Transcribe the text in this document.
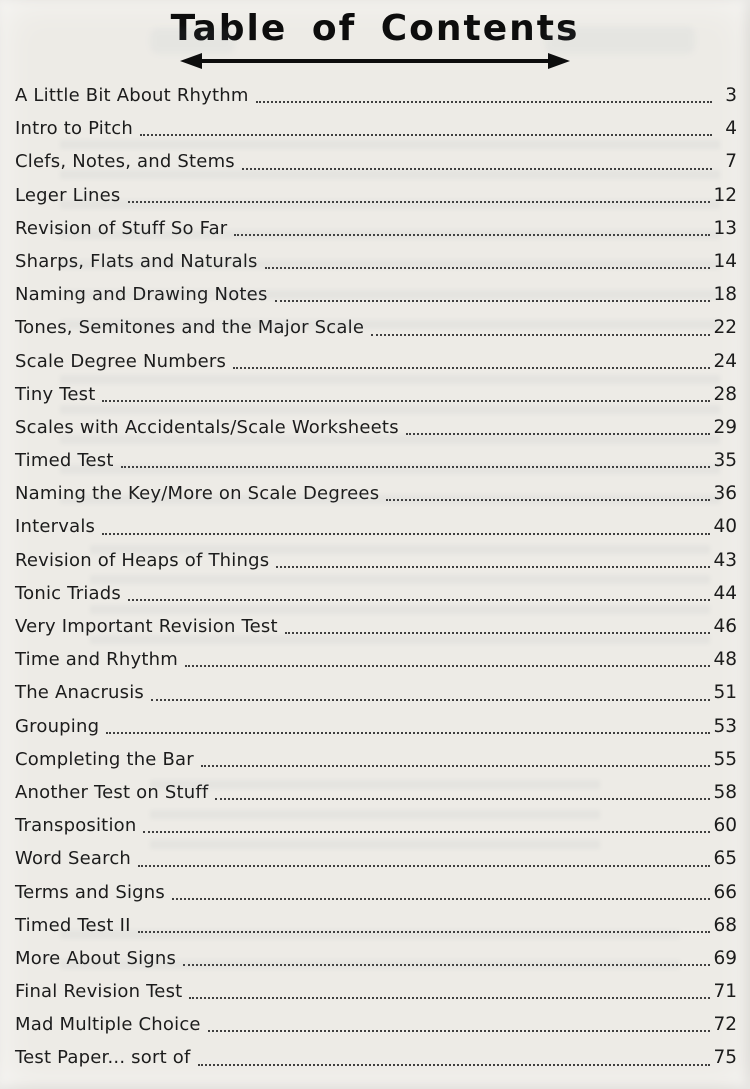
Table of Contents
A Little Bit About Rhythm	3
Intro to Pitch	4
Clefs, Notes, and Stems	7
Leger Lines	12
Revision of Stuff So Far	13
Sharps, Flats and Naturals	14
Naming and Drawing Notes	18
Tones, Semitones and the Major Scale	22
Scale Degree Numbers	24
Tiny Test	28
Scales with Accidentals/Scale Worksheets	29
Timed Test	35
Naming the Key/More on Scale Degrees	36
Intervals	40
Revision of Heaps of Things	43
Tonic Triads	44
Very Important Revision Test	46
Time and Rhythm	48
The Anacrusis	51
Grouping	53
Completing the Bar	55
Another Test on Stuff	58
Transposition	60
Word Search	65
Terms and Signs	66
Timed Test II	68
More About Signs	69
Final Revision Test	71
Mad Multiple Choice	72
Test Paper... sort of	75
